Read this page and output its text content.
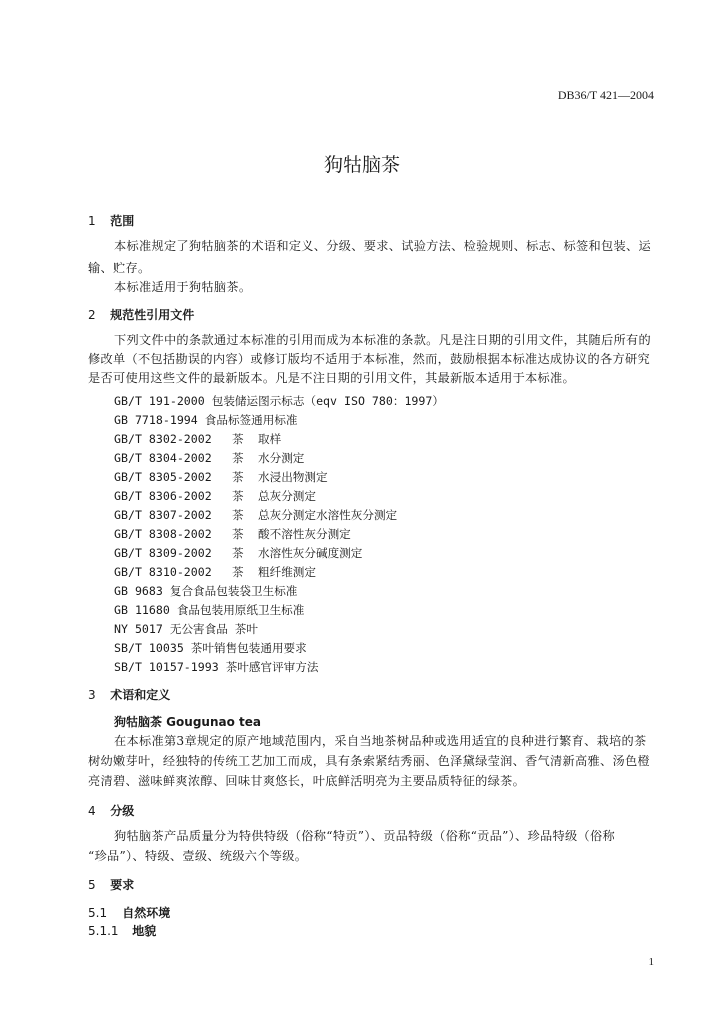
DB36/T 421—2004
狗牯脑茶
1 范围
本标准规定了狗牯脑茶的术语和定义、分级、要求、试验方法、检验规则、标志、标签和包装、运
输、贮存。
本标准适用于狗牯脑茶。
2 规范性引用文件
下列文件中的条款通过本标准的引用而成为本标准的条款。凡是注日期的引用文件，其随后所有的
修改单（不包括勘误的内容）或修订版均不适用于本标准，然而，鼓励根据本标准达成协议的各方研究
是否可使用这些文件的最新版本。凡是不注日期的引用文件，其最新版本适用于本标准。
GB/T 191-2000 包装储运图示标志（eqv ISO 780：1997）
GB 7718-1994 食品标签通用标准
GB/T 8302-2002 茶 取样
GB/T 8304-2002 茶 水分测定
GB/T 8305-2002 茶 水浸出物测定
GB/T 8306-2002 茶 总灰分测定
GB/T 8307-2002 茶 总灰分测定水溶性灰分测定
GB/T 8308-2002 茶 酸不溶性灰分测定
GB/T 8309-2002 茶 水溶性灰分碱度测定
GB/T 8310-2002 茶 粗纤维测定
GB 9683 复合食品包装袋卫生标准
GB 11680 食品包装用原纸卫生标准
NY 5017 无公害食品 茶叶
SB/T 10035 茶叶销售包装通用要求
SB/T 10157-1993 茶叶感官评审方法
3 术语和定义
狗牯脑茶 Gougunao tea
在本标准第3章规定的原产地域范围内，采自当地茶树品种或选用适宜的良种进行繁育、栽培的茶
树幼嫩芽叶，经独特的传统工艺加工而成，具有条索紧结秀丽、色泽黛绿莹润、香气清新高雅、汤色橙
亮清碧、滋味鲜爽浓醇、回味甘爽悠长，叶底鲜活明亮为主要品质特征的绿茶。
4 分级
狗牯脑茶产品质量分为特供特级（俗称“特贡”）、贡品特级（俗称“贡品”）、珍品特级（俗称
“珍品”）、特级、壹级、统级六个等级。
5 要求
5.1 自然环境
5.1.1 地貌
1
